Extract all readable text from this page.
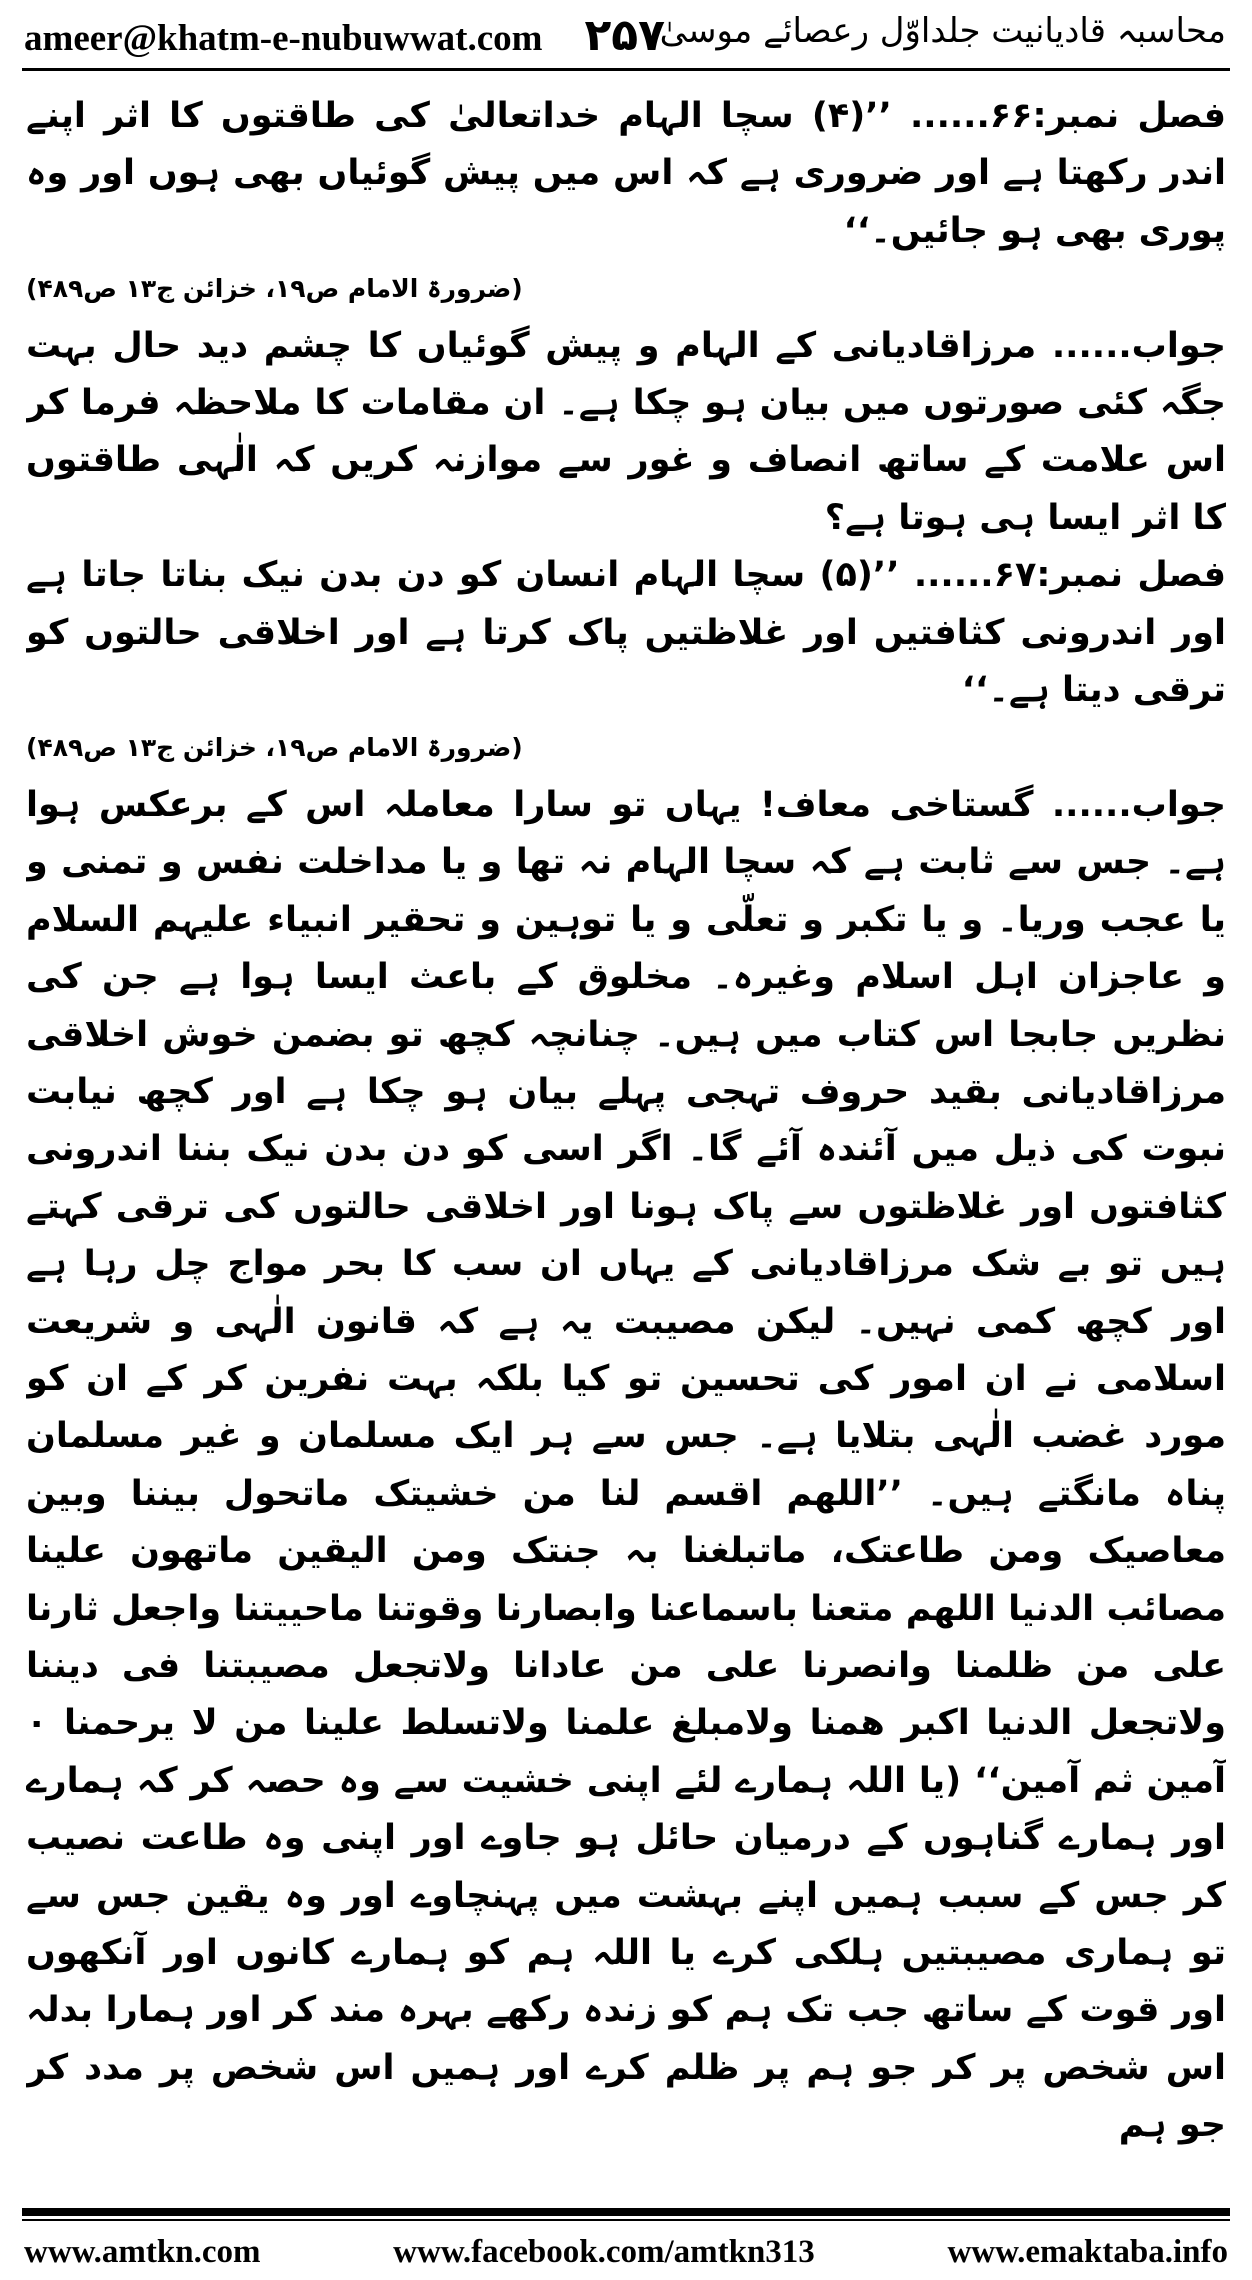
ameer@khatm-e-nubuwwat.com ۲۵۷
محاسبہ قادیانیت جلداوّل رعصائے موسیٰ

فصل نمبر:۶۶...... ’’(۴) سچا الہام خداتعالیٰ کی طاقتوں کا اثر اپنے اندر رکھتا ہے اور ضروری ہے کہ اس میں پیش گوئیاں بھی ہوں اور وہ پوری بھی ہو جائیں۔‘‘

(ضرورۃ الامام ص۱۹، خزائن ج۱۳ ص۴۸۹)

جواب...... مرزاقادیانی کے الہام و پیش گوئیاں کا چشم دید حال بہت جگہ کئی صورتوں میں بیان ہو چکا ہے۔ ان مقامات کا ملاحظہ فرما کر اس علامت کے ساتھ انصاف و غور سے موازنہ کریں کہ الٰہی طاقتوں کا اثر ایسا ہی ہوتا ہے؟

فصل نمبر:۶۷...... ’’(۵) سچا الہام انسان کو دن بدن نیک بناتا جاتا ہے اور اندرونی کثافتیں اور غلاظتیں پاک کرتا ہے اور اخلاقی حالتوں کو ترقی دیتا ہے۔‘‘

(ضرورۃ الامام ص۱۹، خزائن ج۱۳ ص۴۸۹)

جواب...... گستاخی معاف! یہاں تو سارا معاملہ اس کے برعکس ہوا ہے۔ جس سے ثابت ہے کہ سچا الہام نہ تھا و یا مداخلت نفس و تمنی و یا عجب وریا۔ و یا تکبر و تعلّی و یا توہین و تحقیر انبیاء علیہم السلام و عاجزان اہل اسلام وغیرہ۔ مخلوق کے باعث ایسا ہوا ہے جن کی نظریں جابجا اس کتاب میں ہیں۔ چنانچہ کچھ تو بضمن خوش اخلاقی مرزاقادیانی بقید حروف تہجی پہلے بیان ہو چکا ہے اور کچھ نیابت نبوت کی ذیل میں آئندہ آئے گا۔ اگر اسی کو دن بدن نیک بننا اندرونی کثافتوں اور غلاظتوں سے پاک ہونا اور اخلاقی حالتوں کی ترقی کہتے ہیں تو بے شک مرزاقادیانی کے یہاں ان سب کا بحر مواج چل رہا ہے اور کچھ کمی نہیں۔ لیکن مصیبت یہ ہے کہ قانون الٰہی و شریعت اسلامی نے ان امور کی تحسین تو کیا بلکہ بہت نفرین کر کے ان کو مورد غضب الٰہی بتلایا ہے۔ جس سے ہر ایک مسلمان و غیر مسلمان پناہ مانگتے ہیں۔ ’’اللھم اقسم لنا من خشیتک ماتحول بیننا وبین معاصیک ومن طاعتک، ماتبلغنا بہ جنتک ومن الیقین ماتھون علینا مصائب الدنیا اللھم متعنا باسماعنا وابصارنا وقوتنا ماحییتنا واجعل ثارنا علی من ظلمنا وانصرنا علی من عادانا ولاتجعل مصیبتنا فی دیننا ولاتجعل الدنیا اکبر ھمنا ولامبلغ علمنا ولاتسلط علینا من لا یرحمنا ۰ آمین ثم آمین‘‘ (یا اللہ ہمارے لئے اپنی خشیت سے وہ حصہ کر کہ ہمارے اور ہمارے گناہوں کے درمیان حائل ہو جاوے اور اپنی وہ طاعت نصیب کر جس کے سبب ہمیں اپنے بہشت میں پہنچاوے اور وہ یقین جس سے تو ہماری مصیبتیں ہلکی کرے یا اللہ ہم کو ہمارے کانوں اور آنکھوں اور قوت کے ساتھ جب تک ہم کو زندہ رکھے بہرہ مند کر اور ہمارا بدلہ اس شخص پر کر جو ہم پر ظلم کرے اور ہمیں اس شخص پر مدد کر جو ہم

www.amtkn.com	www.facebook.com/amtkn313	www.emaktaba.info
